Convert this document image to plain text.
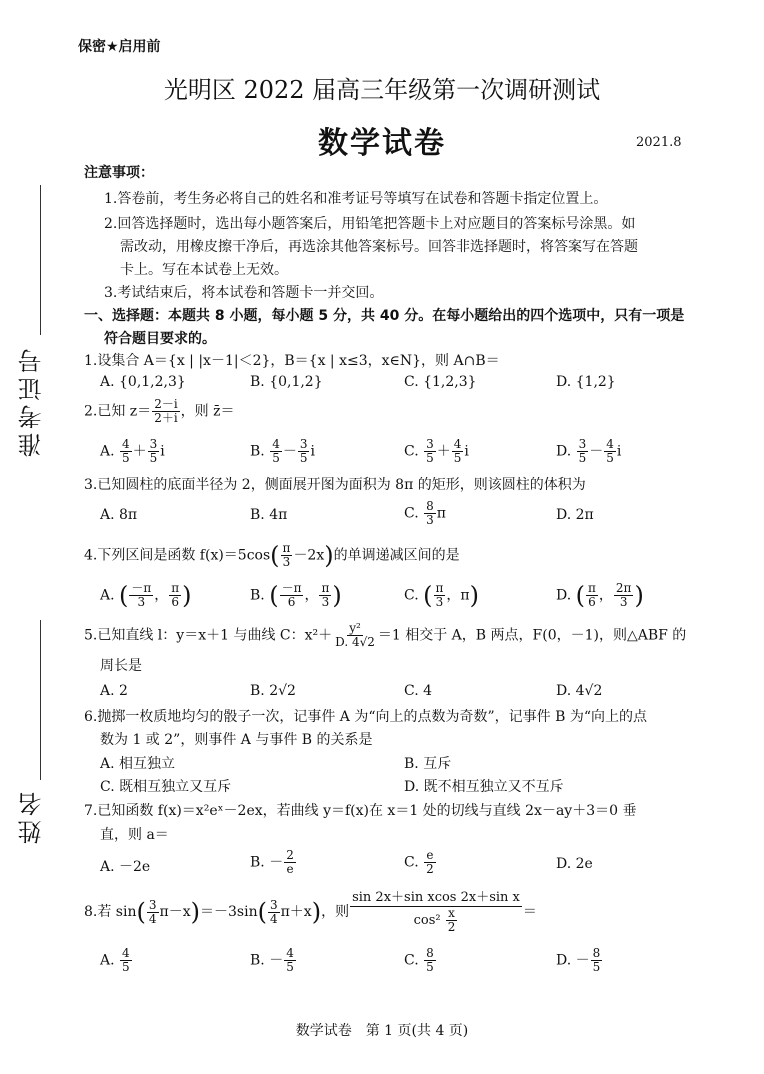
保密★启用前
光明区 2022 届高三年级第一次调研测试
数学试卷	2021.8
准考证号
姓名
注意事项：
1.答卷前，考生务必将自己的姓名和准考证号等填写在试卷和答题卡指定位置上。
2.回答选择题时，选出每小题答案后，用铅笔把答题卡上对应题目的答案标号涂黑。如
需改动，用橡皮擦干净后，再选涂其他答案标号。回答非选择题时，将答案写在答题
卡上。写在本试卷上无效。
3.考试结束后，将本试卷和答题卡一并交回。
一、选择题：本题共 8 小题，每小题 5 分，共 40 分。在每小题给出的四个选项中，只有一项是
符合题目要求的。
1.设集合 A＝{x | |x－1|＜2}，B＝{x | x≤3，x∈N}，则 A∩B＝
A. {0,1,2,3}	B. {0,1,2}	C. {1,2,3}	D. {1,2}
2.已知 $z= \frac{2-i}{2+i}$ ，则 z̄＝
A. $\frac{4}{5} + \frac{3}{5}$ i	B. $\frac{4}{5} - \frac{3}{5}$ i	C. $\frac{3}{5} + \frac{4}{5}$ i	D. $\frac{3}{5} - \frac{4}{5}$ i
3.已知圆柱的底面半径为 2，侧面展开图为面积为 8π 的矩形，则该圆柱的体积为
A. 8π	B. 4π	C. $\frac{8}{3}$ π	D. 2π
4.下列区间是函数 $f(x)=5\cos( \frac{\pi}{3} -2x)$的单调递减区间的是
A. ( $\frac{-\pi}{3}$ ， $\frac{\pi}{6}$ )	B. ( $\frac{-\pi}{6}$ ， $\frac{\pi}{3}$ )	C. ( $\frac{\pi}{3}$ ，π)	D. ( $\frac{\pi}{6}$ ， $\frac{2\pi}{3}$ )
5.已知直线 l：y＝x＋1 与曲线 C：$x^2+ \frac{\text{y²}}{D. 4√2} =1$ 相交于 A，B 两点，F(0，－1)，则△ABF 的
周长是
A. 2	B. 2√2	C. 4	D. 4√2
6.抛掷一枚质地均匀的骰子一次，记事件 A 为“向上的点数为奇数”，记事件 B 为“向上的点
数为 1 或 2”，则事件 A 与事件 B 的关系是
A. 相互独立	B. 互斥
C. 既相互独立又互斥	D. 既不相互独立又不互斥
7.已知函数 f(x)＝x²eˣ－2ex，若曲线 y＝f(x)在 x＝1 处的切线与直线 2x－ay＋3＝0 垂
直，则 a＝
A. －2e	B. － $\frac{2}{e}$	C. $\frac{e}{2}$	D. 2e
8.若 $\sin( \frac{3}{4} \pi-x)=-3\sin( \frac{3}{4} \pi+x)$，则 $\frac{\text{sin 2x＋sin xcos 2x＋sin x}}{\cos^2 \frac{x}{2}}$ ＝
A. $\frac{4}{5}$	B. － $\frac{4}{5}$	C. $\frac{8}{5}$	D. － $\frac{8}{5}$
数学试卷　第 1 页(共 4 页)
